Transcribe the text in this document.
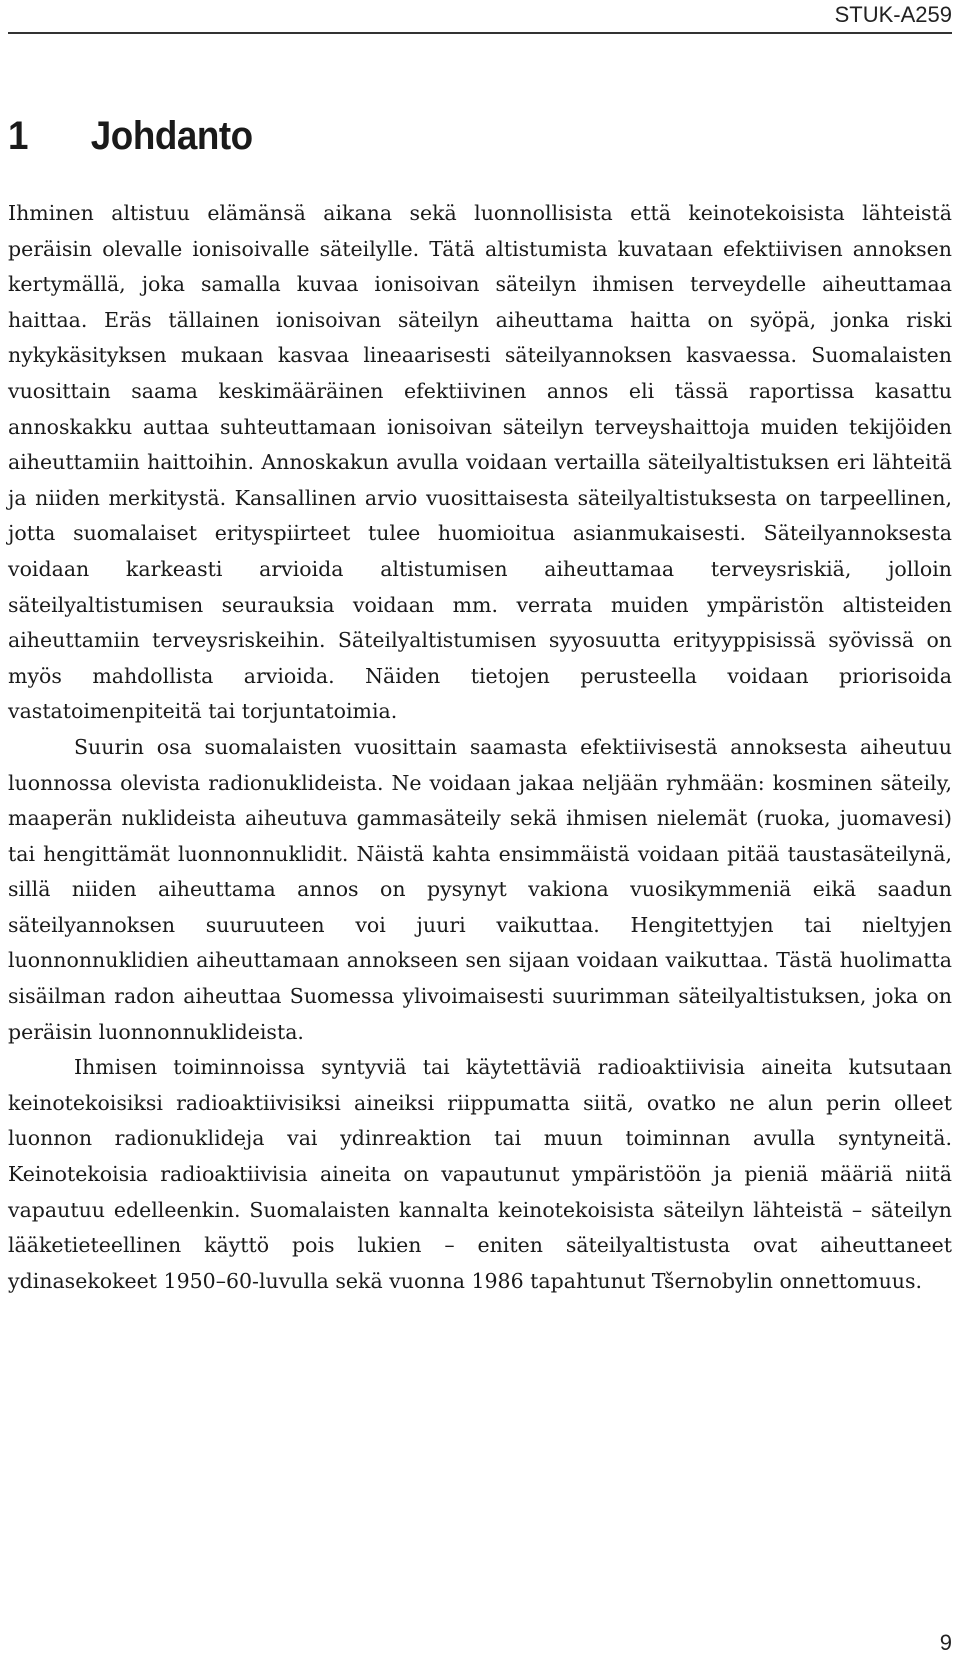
STUK-A259
1 Johdanto

Ihminen altistuu elämänsä aikana sekä luonnollisista että keinotekoisista lähteistä peräisin olevalle ionisoivalle säteilylle. Tätä altistumista kuvataan efektiivisen annoksen kertymällä, joka samalla kuvaa ionisoivan säteilyn ihmisen terveydelle aiheuttamaa haittaa. Eräs tällainen ionisoivan säteilyn aiheuttama haitta on syöpä, jonka riski nykykäsityksen mukaan kasvaa lineaarisesti säteilyannoksen kasvaessa. Suomalaisten vuosittain saama keskimääräinen efektiivinen annos eli tässä raportissa kasattu annoskakku auttaa suhteuttamaan ionisoivan säteilyn terveyshaittoja muiden tekijöiden aiheuttamiin haittoihin. Annoskakun avulla voidaan vertailla säteilyaltistuksen eri lähteitä ja niiden merkitystä. Kansallinen arvio vuosittaisesta säteilyaltistuksesta on tarpeellinen, jotta suomalaiset erityspiirteet tulee huomioitua asianmukaisesti. Säteilyannoksesta voidaan karkeasti arvioida altistumisen aiheuttamaa terveysriskiä, jolloin säteilyaltistumisen seurauksia voidaan mm. verrata muiden ympäristön altisteiden aiheuttamiin terveysriskeihin. Säteilyaltistumisen syyosuutta erityyppisissä syövissä on myös mahdollista arvioida. Näiden tietojen perusteella voidaan priorisoida vastatoimenpiteitä tai torjuntatoimia.

Suurin osa suomalaisten vuosittain saamasta efektiivisestä annoksesta aiheutuu luonnossa olevista radionuklideista. Ne voidaan jakaa neljään ryhmään: kosminen säteily, maaperän nuklideista aiheutuva gammasäteily sekä ihmisen nielemät (ruoka, juomavesi) tai hengittämät luonnonnuklidit. Näistä kahta ensimmäistä voidaan pitää taustasäteilynä, sillä niiden aiheuttama annos on pysynyt vakiona vuosikymmeniä eikä saadun säteilyannoksen suuruuteen voi juuri vaikuttaa. Hengitettyjen tai nieltyjen luonnonnuklidien aiheuttamaan annokseen sen sijaan voidaan vaikuttaa. Tästä huolimatta sisäilman radon aiheuttaa Suomessa ylivoimaisesti suurimman säteilyaltistuksen, joka on peräisin luonnonnuklideista.

Ihmisen toiminnoissa syntyviä tai käytettäviä radioaktiivisia aineita kutsutaan keinotekoisiksi radioaktiivisiksi aineiksi riippumatta siitä, ovatko ne alun perin olleet luonnon radionuklideja vai ydinreaktion tai muun toiminnan avulla syntyneitä. Keinotekoisia radioaktiivisia aineita on vapautunut ympäristöön ja pieniä määriä niitä vapautuu edelleenkin. Suomalaisten kannalta keinotekoisista säteilyn lähteistä – säteilyn lääketieteellinen käyttö pois lukien – eniten säteilyaltistusta ovat aiheuttaneet ydinasekokeet 1950–60-luvulla sekä vuonna 1986 tapahtunut Tšernobylin onnettomuus.

9
